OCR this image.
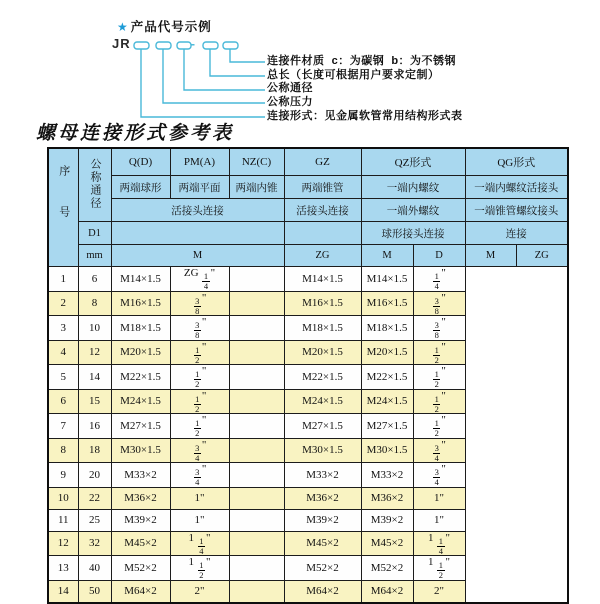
★ 产品代号示例
JR	-
连接件材质  c：为碳钢  b：为不锈钢
总长（长度可根据用户要求定制）
公称通径
公称压力
连接形式：见金属软管常用结构形式表
螺母连接形式参考表
序号	公称通径	Q(D)	PM(A)	NZ(C)	GZ	QZ形式		QG形式	
		两端球形	两端平面	两端内锥	两端锥管	一端内螺纹		一端内螺纹活接头	
		活接头连接			活接头连接	一端外螺纹		一端锥管螺纹接头	
	D1					球形接头连接		连接	
	mm	M			ZG	M	D	M	ZG
1	6	M14×1.5	ZG $\frac{1}{4}$ "		M14×1.5	M14×1.5	$\frac{1}{4}$ "		
2	8	M16×1.5	$\frac{3}{8}$ "		M16×1.5	M16×1.5	$\frac{3}{8}$ "		
3	10	M18×1.5	$\frac{3}{8}$ "		M18×1.5	M18×1.5	$\frac{3}{8}$ "		
4	12	M20×1.5	$\frac{1}{2}$ "		M20×1.5	M20×1.5	$\frac{1}{2}$ "		
5	14	M22×1.5	$\frac{1}{2}$ "		M22×1.5	M22×1.5	$\frac{1}{2}$ "		
6	15	M24×1.5	$\frac{1}{2}$ "		M24×1.5	M24×1.5	$\frac{1}{2}$ "		
7	16	M27×1.5	$\frac{1}{2}$ "		M27×1.5	M27×1.5	$\frac{1}{2}$ "		
8	18	M30×1.5	$\frac{3}{4}$ "		M30×1.5	M30×1.5	$\frac{3}{4}$ "		
9	20	M33×2	$\frac{3}{4}$ "		M33×2	M33×2	$\frac{3}{4}$ "		
10	22	M36×2	1"		M36×2	M36×2	1"		
11	25	M39×2	1"		M39×2	M39×2	1"		
12	32	M45×2	$1 \frac{1}{4}$ "		M45×2	M45×2	$1 \frac{1}{4}$ "		
13	40	M52×2	$1 \frac{1}{2}$ "		M52×2	M52×2	$1 \frac{1}{2}$ "		
14	50	M64×2	2"		M64×2	M64×2	2"		
